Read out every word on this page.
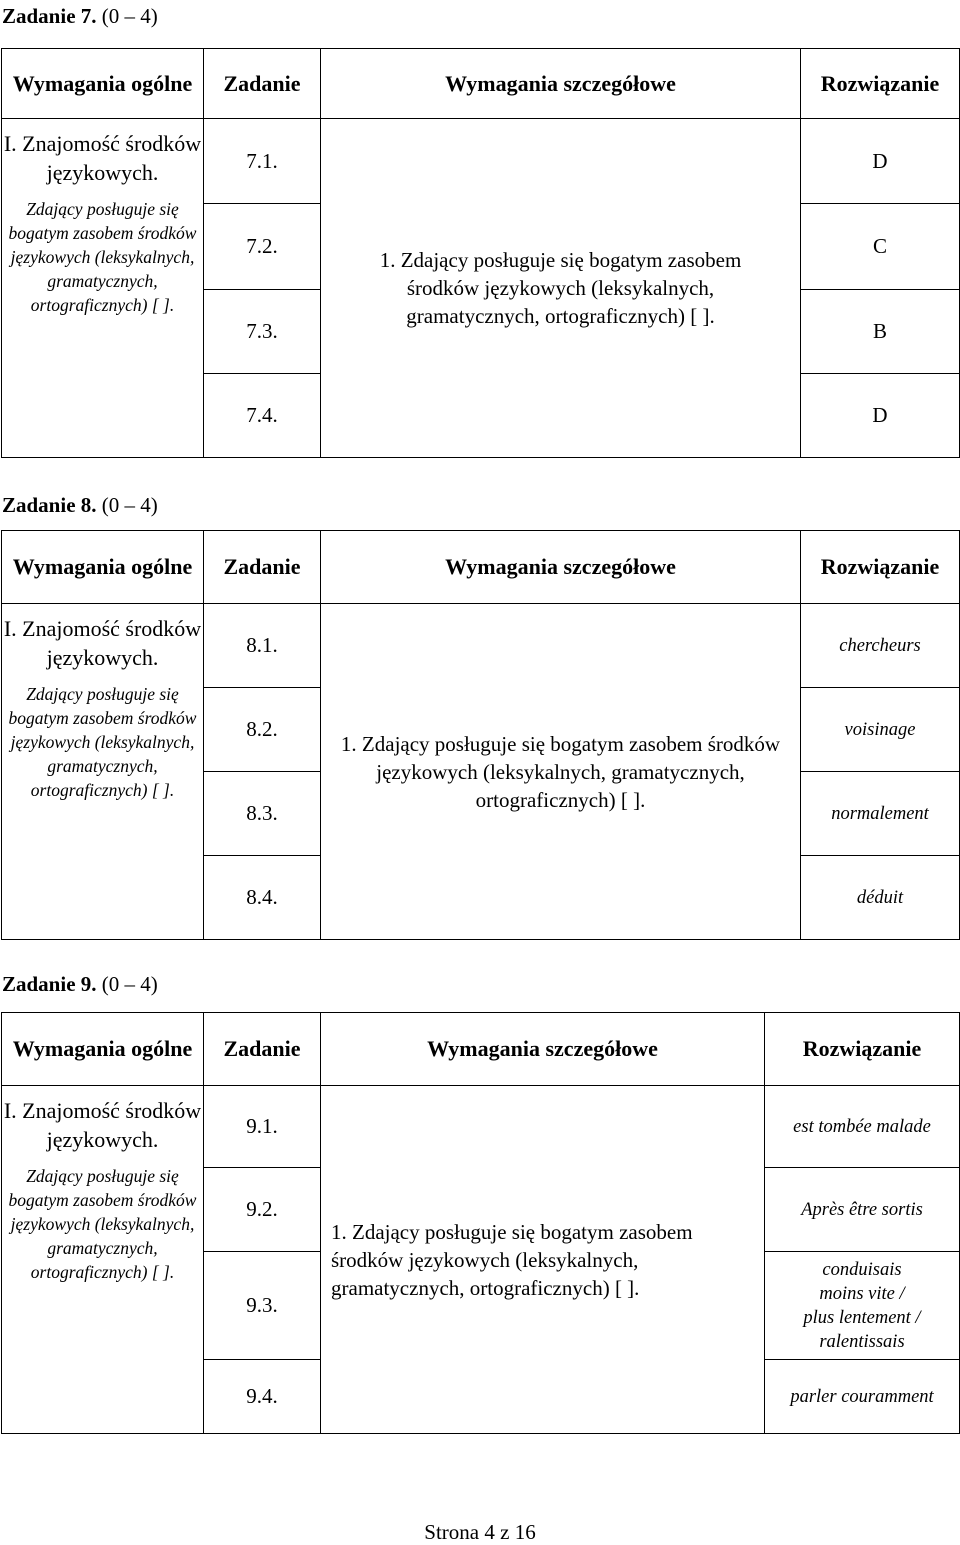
Zadanie 7. (0 – 4)
Wymagania ogólne	Zadanie	Wymagania szczegółowe	Rozwiązanie

I. Znajomość środków językowych.
Zdający posługuje się bogatym zasobem środków językowych (leksykalnych, gramatycznych, ortograficznych) [ ].	7.1.	1. Zdający posługuje się bogatym zasobem środków językowych (leksykalnych, gramatycznych, ortograficznych) [ ].	D
	7.2.		C
	7.3.		B
	7.4.		D
Zadanie 8. (0 – 4)
Wymagania ogólne	Zadanie	Wymagania szczegółowe	Rozwiązanie

I. Znajomość środków językowych.
Zdający posługuje się bogatym zasobem środków językowych (leksykalnych, gramatycznych, ortograficznych) [ ].	8.1.	1. Zdający posługuje się bogatym zasobem środków językowych (leksykalnych, gramatycznych, ortograficznych) [ ].	chercheurs
	8.2.		voisinage
	8.3.		normalement
	8.4.		déduit
Zadanie 9. (0 – 4)
Wymagania ogólne	Zadanie	Wymagania szczegółowe	Rozwiązanie

I. Znajomość środków językowych.
Zdający posługuje się bogatym zasobem środków językowych (leksykalnych, gramatycznych, ortograficznych) [ ].	9.1.	1. Zdający posługuje się bogatym zasobem środków językowych (leksykalnych, gramatycznych, ortograficznych) [ ].	est tombée malade
	9.2.		Après être sortis
	9.3.		conduisais
moins vite /
plus lentement /
ralentissais

	9.4.		parler couramment
Strona 4 z 16
